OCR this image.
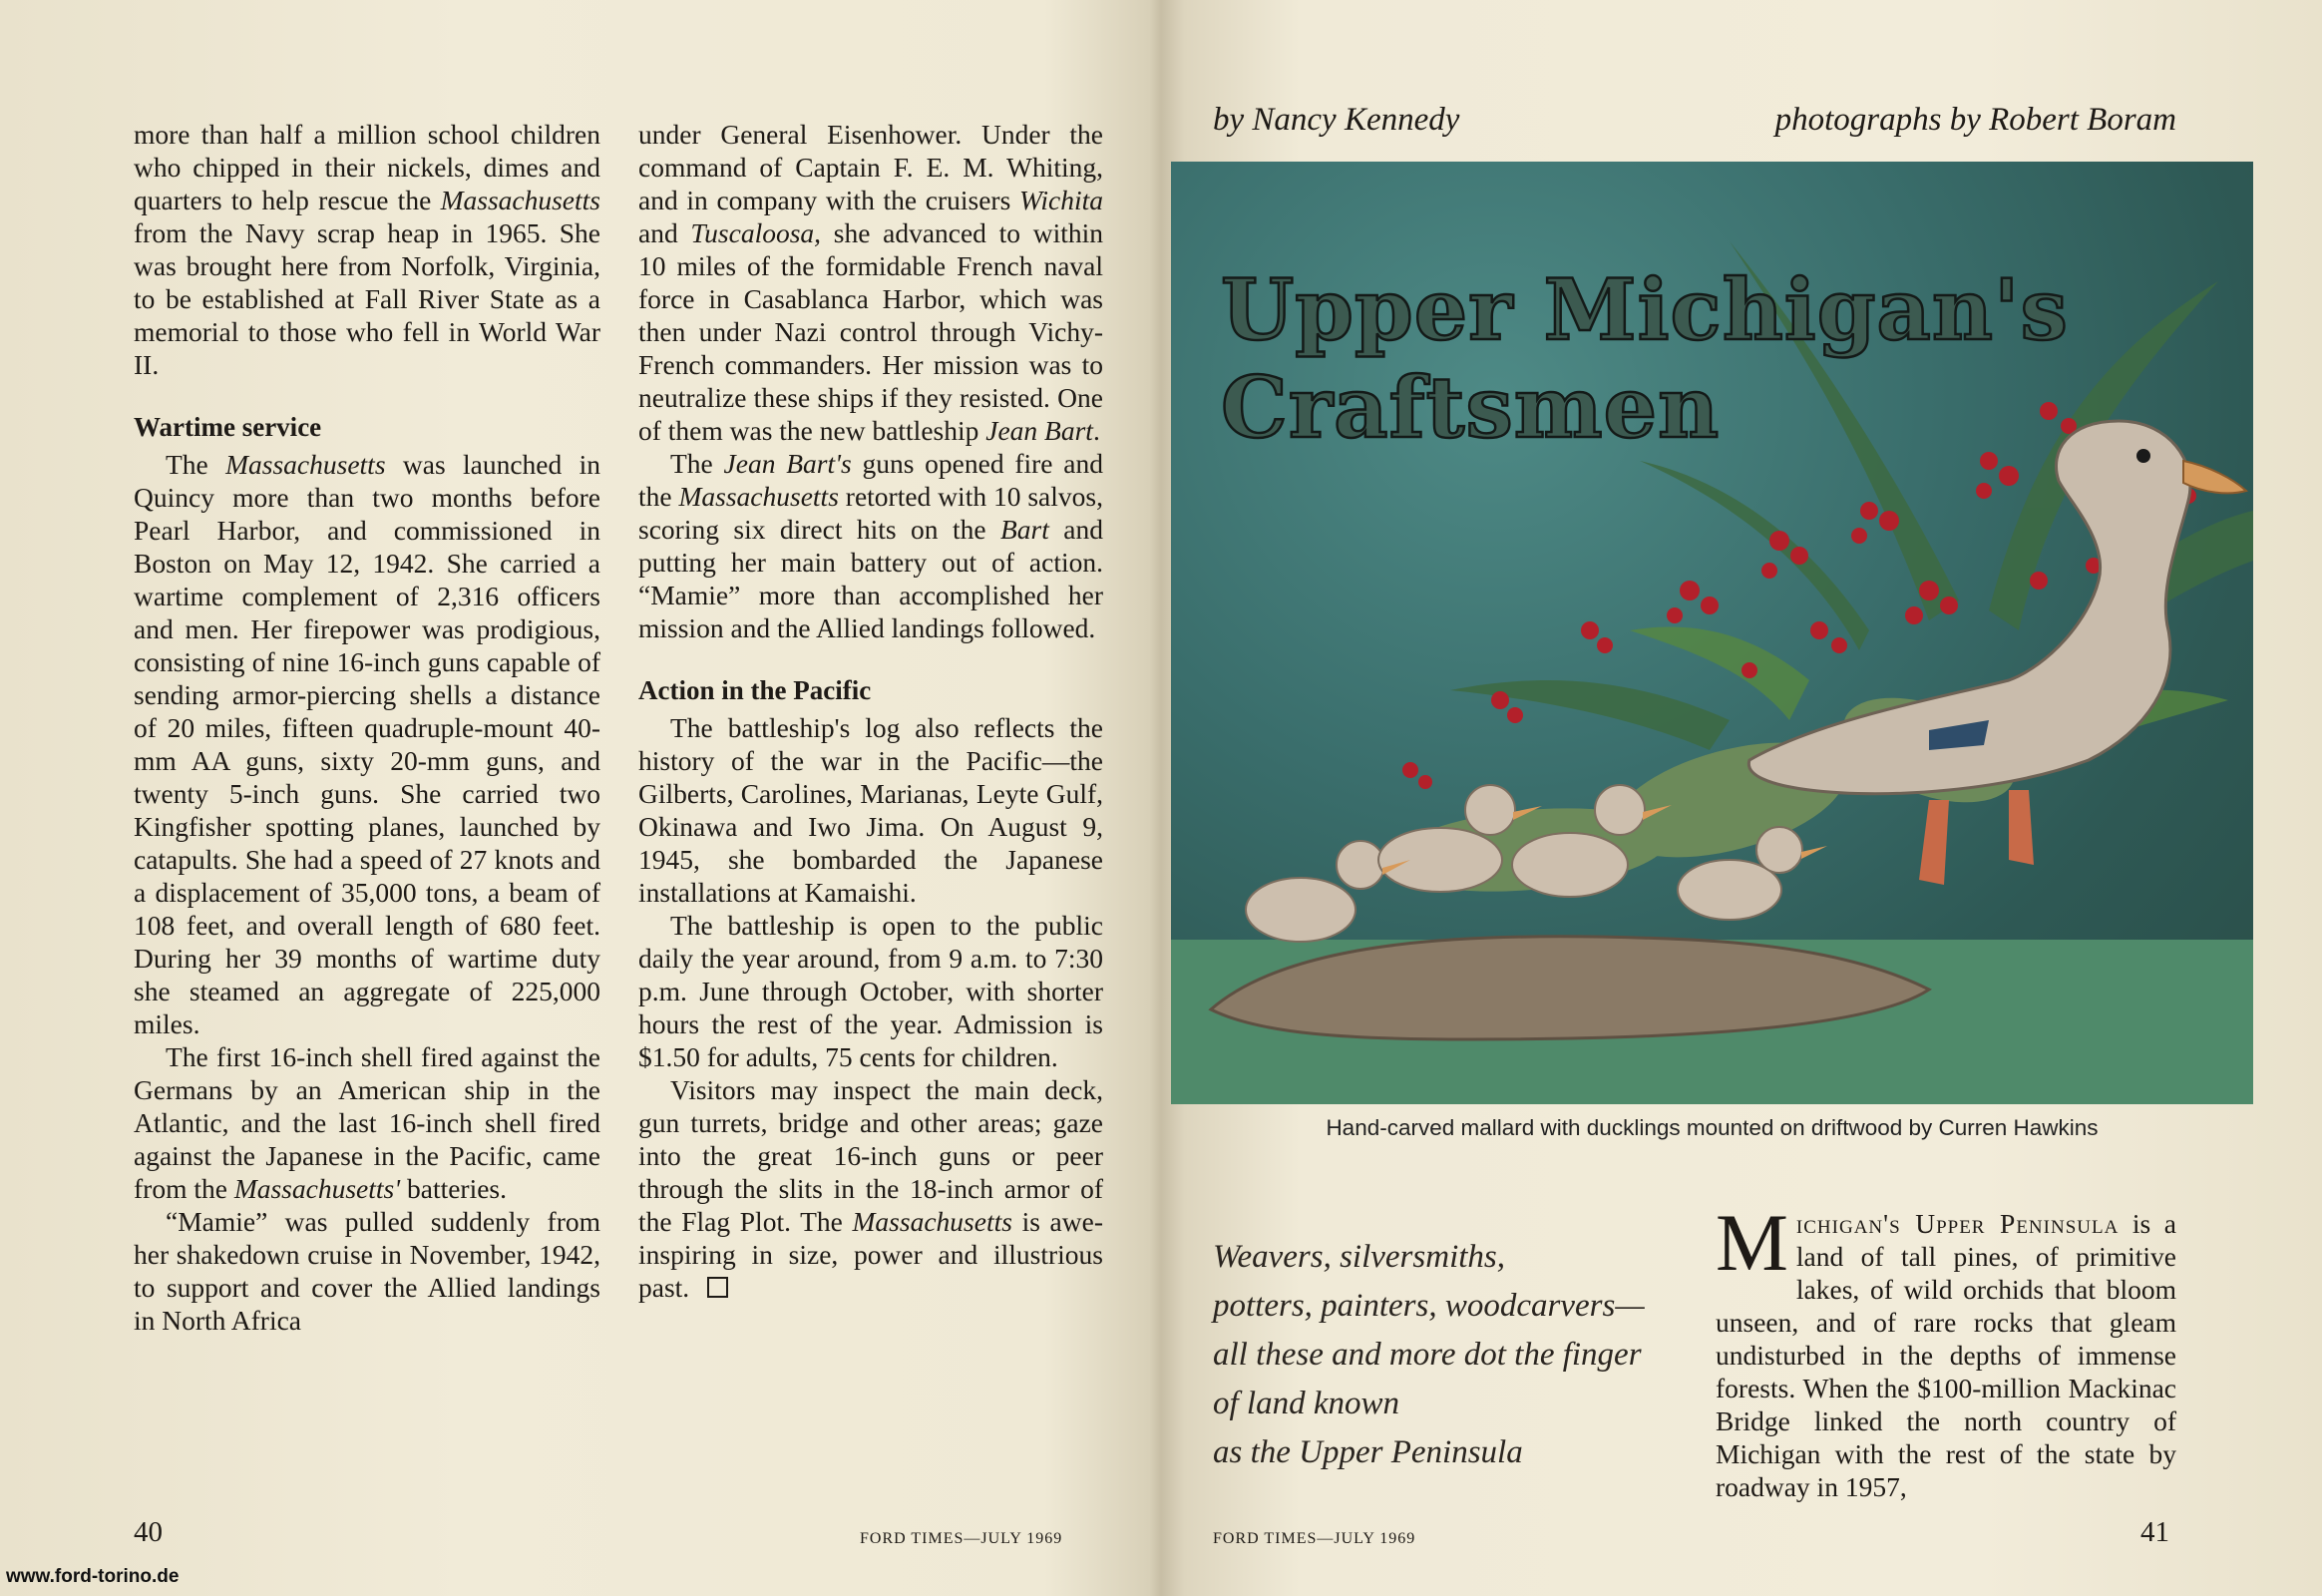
more than half a million school children who chipped in their nickels, dimes and quarters to help rescue the Massachusetts from the Navy scrap heap in 1965. She was brought here from Norfolk, Virginia, to be established at Fall River State as a memorial to those who fell in World War II.

Wartime service

The Massachusetts was launched in Quincy more than two months before Pearl Harbor, and commissioned in Boston on May 12, 1942. She carried a wartime complement of 2,316 officers and men. Her firepower was prodigious, consisting of nine 16-inch guns capable of sending armor-piercing shells a distance of 20 miles, fifteen quadruple-mount 40-mm AA guns, sixty 20-mm guns, and twenty 5-inch guns. She carried two Kingfisher spotting planes, launched by catapults. She had a speed of 27 knots and a displacement of 35,000 tons, a beam of 108 feet, and overall length of 680 feet. During her 39 months of wartime duty she steamed an aggregate of 225,000 miles.

The first 16-inch shell fired against the Germans by an American ship in the Atlantic, and the last 16-inch shell fired against the Japanese in the Pacific, came from the Massachusetts' batteries.

“Mamie” was pulled suddenly from her shakedown cruise in November, 1942, to support and cover the Allied landings in North Africa

under General Eisenhower. Under the command of Captain F. E. M. Whiting, and in company with the cruisers Wichita and Tuscaloosa, she advanced to within 10 miles of the formidable French naval force in Casablanca Harbor, which was then under Nazi control through Vichy-French commanders. Her mission was to neutralize these ships if they resisted. One of them was the new battleship Jean Bart.

The Jean Bart's guns opened fire and the Massachusetts retorted with 10 salvos, scoring six direct hits on the Bart and putting her main battery out of action. “Mamie” more than accomplished her mission and the Allied landings followed.

Action in the Pacific

The battleship's log also reflects the history of the war in the Pacific—the Gilberts, Carolines, Marianas, Leyte Gulf, Okinawa and Iwo Jima. On August 9, 1945, she bombarded the Japanese installations at Kamaishi.

The battleship is open to the public daily the year around, from 9 a.m. to 7:30 p.m. June through October, with shorter hours the rest of the year. Admission is $1.50 for adults, 75 cents for children.

Visitors may inspect the main deck, gun turrets, bridge and other areas; gaze into the great 16-inch guns or peer through the slits in the 18-inch armor of the Flag Plot. The Massachusetts is awe-inspiring in size, power and illustrious past.

40	FORD TIMES—JULY 1969
by Nancy Kennedy	photographs by Robert Boram
Upper Michigan's
Craftsmen
Hand-carved mallard with ducklings mounted on driftwood by Curren Hawkins
Weavers, silversmiths,
potters, painters, woodcarvers—
all these and more dot the finger
of land known
as the Upper Peninsula
Michigan's Upper Peninsula is a land of tall pines, of primitive lakes, of wild orchids that bloom unseen, and of rare rocks that gleam undisturbed in the depths of immense forests. When the $100-million Mackinac Bridge linked the north country of Michigan with the rest of the state by roadway in 1957,
FORD TIMES—JULY 1969	41
www.ford-torino.de
